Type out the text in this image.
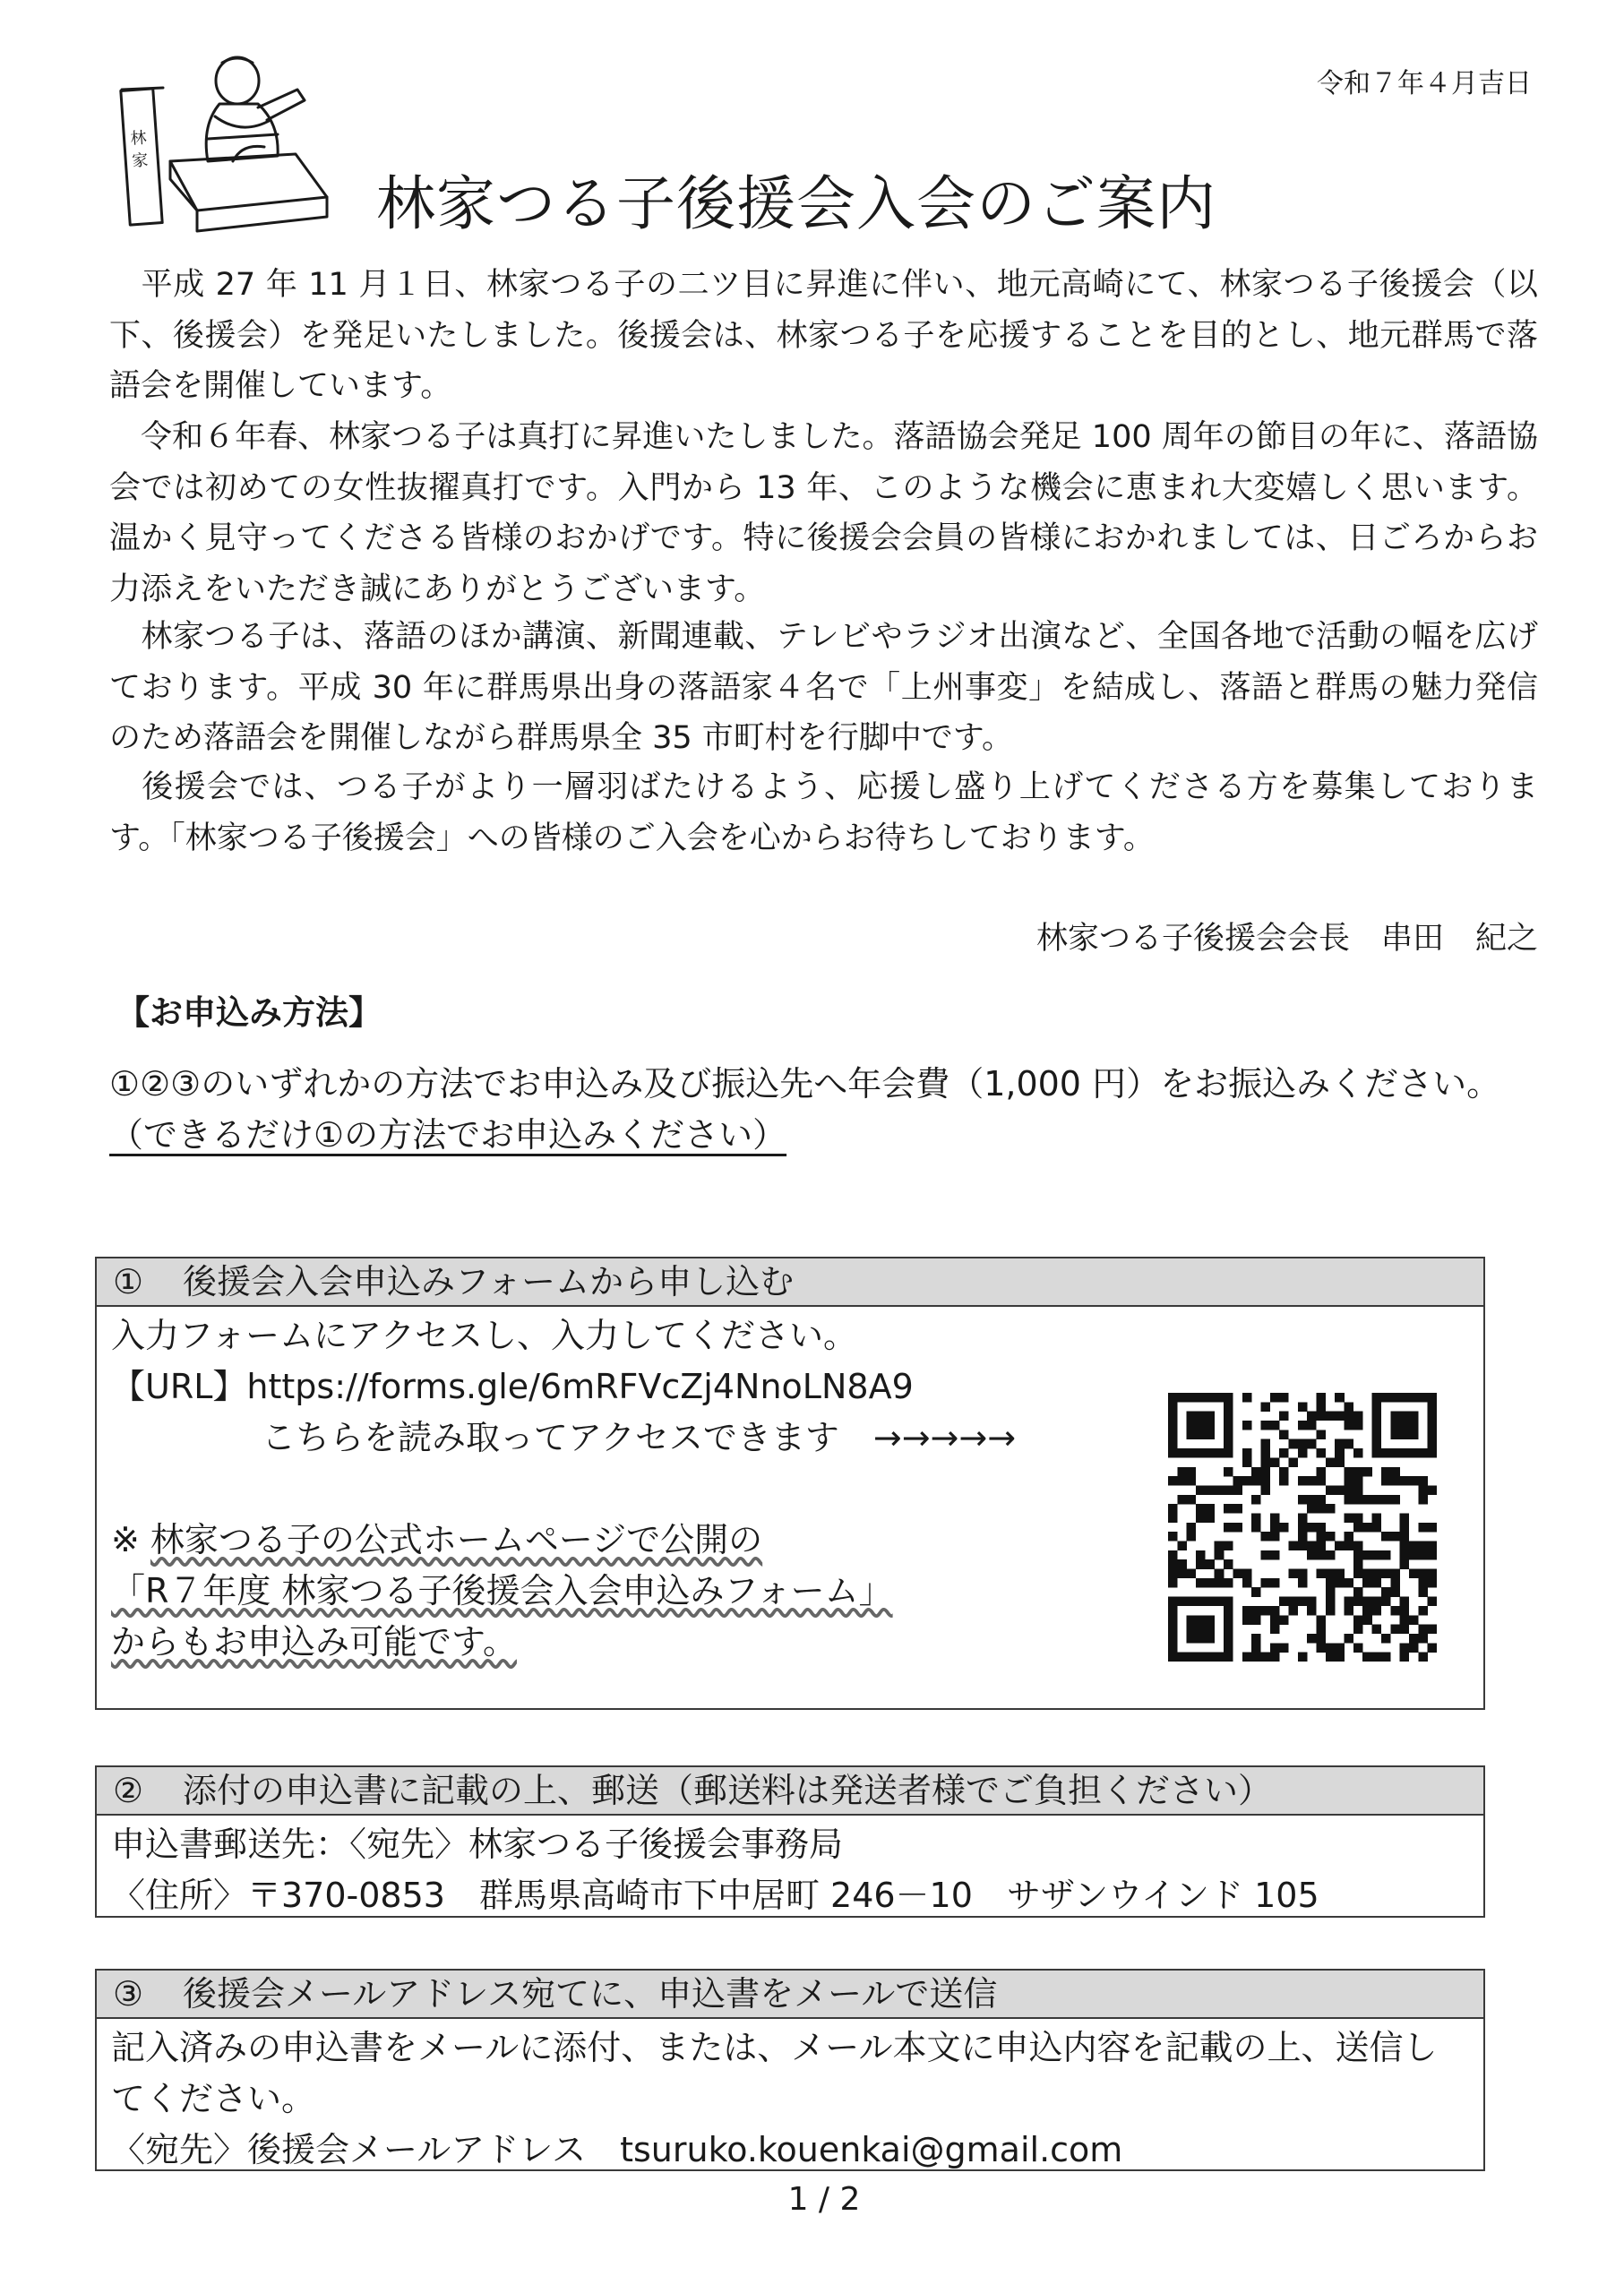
令和７年４月吉日
林
家
林家つる子後援会入会のご案内

　平成 27 年 11 月１日、林家つる子の二ツ目に昇進に伴い、地元高崎にて、林家つる子後援会（以下、後援会）を発足いたしました。後援会は、林家つる子を応援することを目的とし、地元群馬で落語会を開催しています。

　令和６年春、林家つる子は真打に昇進いたしました。落語協会発足 100 周年の節目の年に、落語協会では初めての女性抜擢真打です。入門から 13 年、このような機会に恵まれ大変嬉しく思います。温かく見守ってくださる皆様のおかげです。特に後援会会員の皆様におかれましては、日ごろからお力添えをいただき誠にありがとうございます。

　林家つる子は、落語のほか講演、新聞連載、テレビやラジオ出演など、全国各地で活動の幅を広げております。平成 30 年に群馬県出身の落語家４名で「上州事変」を結成し、落語と群馬の魅力発信のため落語会を開催しながら群馬県全 35 市町村を行脚中です。

　後援会では、つる子がより一層羽ばたけるよう、応援し盛り上げてくださる方を募集しております。「林家つる子後援会」への皆様のご入会を心からお待ちしております。

林家つる子後援会会長　串田　紀之
【お申込み方法】

①②③のいずれかの方法でお申込み及び振込先へ年会費（1,000 円）をお振込みください。（できるだけ①の方法でお申込みください）

① 後援会入会申込みフォームから申し込む
入力フォームにアクセスし、入力してください。
【URL】https://forms.gle/6mRFVcZj4NnoLN8A9
こちらを読み取ってアクセスできます　→→→→→
※ 林家つる子の公式ホームページで公開の
「R７年度 林家つる子後援会入会申込みフォーム」
からもお申込み可能です。
② 添付の申込書に記載の上、郵送（郵送料は発送者様でご負担ください）
申込書郵送先：〈宛先〉林家つる子後援会事務局
〈住所〉〒370-0853　群馬県高崎市下中居町 246－10　サザンウインド 105
③ 後援会メールアドレス宛てに、申込書をメールで送信
記入済みの申込書をメールに添付、または、メール本文に申込内容を記載の上、送信してください。
〈宛先〉後援会メールアドレス　tsuruko.kouenkai@gmail.com
1 / 2
